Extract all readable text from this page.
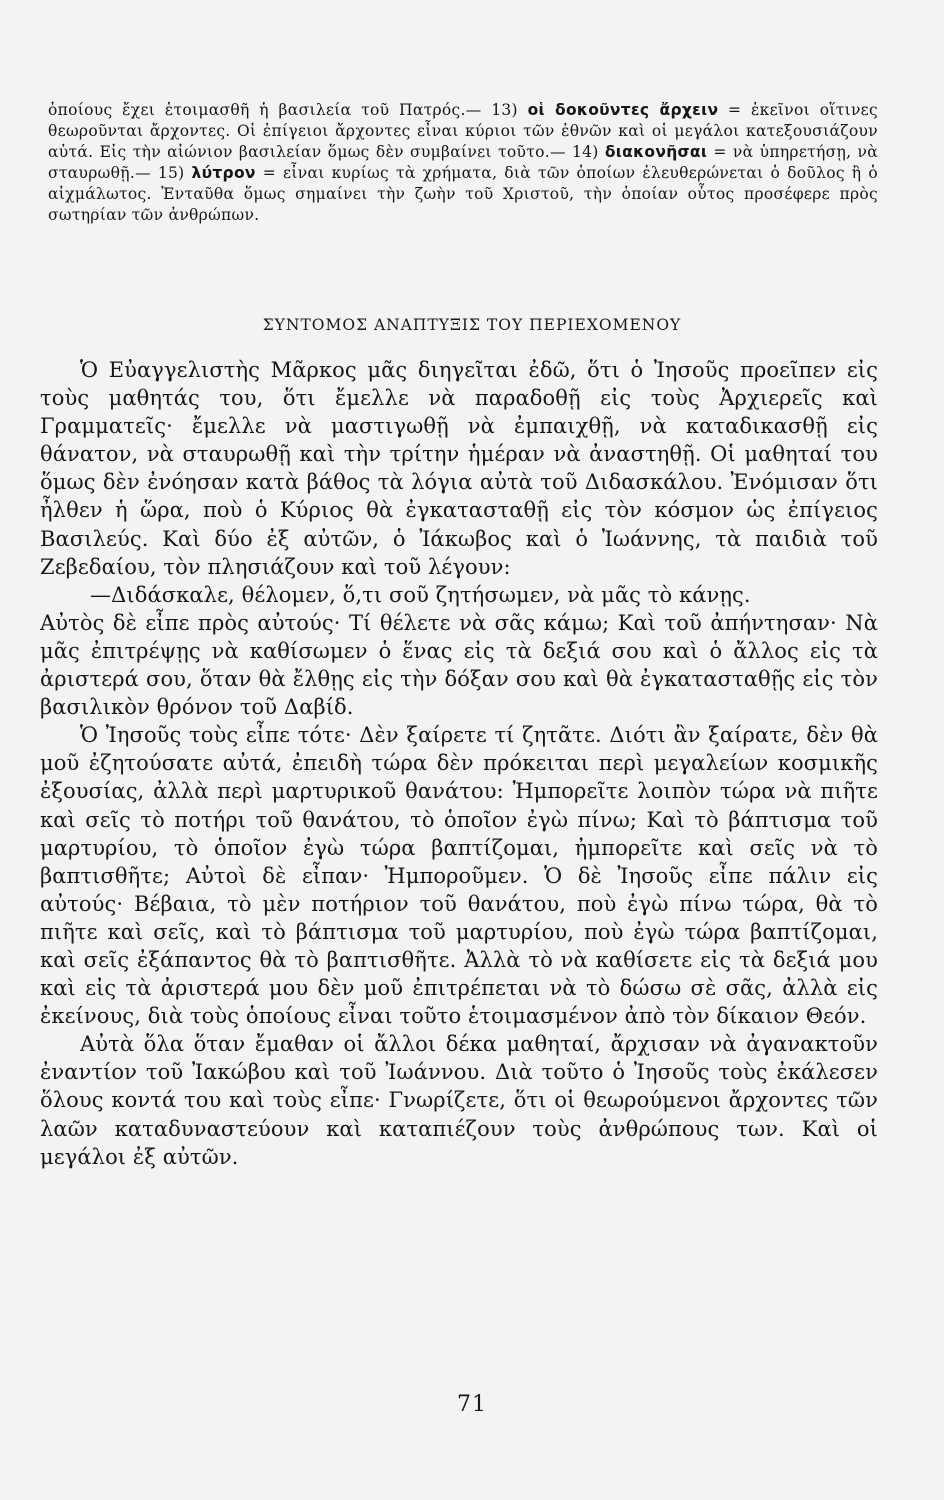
ὁποίους ἔχει ἑτοιμασθῆ ἡ βασιλεία τοῦ Πατρός.— 13) οἱ δοκοῦντες ἄρχειν = ἐκεῖνοι οἵτινες θεωροῦνται ἄρχοντες. Οἱ ἐπίγειοι ἄρχοντες εἶναι κύριοι τῶν ἐθνῶν καὶ οἱ μεγάλοι κατεξουσιάζουν αὐτά. Εἰς τὴν αἰώνιον βασιλείαν ὅμως δὲν συμβαίνει τοῦτο.— 14) διακονῆσαι = νὰ ὑπηρετήσῃ, νὰ σταυρωθῇ.— 15) λύτρον = εἶναι κυρίως τὰ χρήματα, διὰ τῶν ὁποίων ἐλευθερώνεται ὁ δοῦλος ἢ ὁ αἰχμάλωτος. Ἐνταῦθα ὅμως σημαίνει τὴν ζωὴν τοῦ Χριστοῦ, τὴν ὁποίαν οὗτος προσέφερε πρὸς σωτηρίαν τῶν ἀνθρώπων.

ΣΥΝΤΟΜΟΣ ΑΝΑΠΤΥΞΙΣ ΤΟΥ ΠΕΡΙΕΧΟΜΕΝΟΥ

Ὁ Εὐαγγελιστὴς Μᾶρκος μᾶς διηγεῖται ἐδῶ, ὅτι ὁ Ἰησοῦς προεῖπεν εἰς τοὺς μαθητάς του, ὅτι ἔμελλε νὰ παραδοθῇ εἰς τοὺς Ἀρχιερεῖς καὶ Γραμματεῖς· ἔμελλε νὰ μαστιγωθῇ νὰ ἐμπαιχθῇ, νὰ καταδικασθῇ εἰς θάνατον, νὰ σταυρωθῇ καὶ τὴν τρίτην ἡμέραν νὰ ἀναστηθῇ. Οἱ μαθηταί του ὅμως δὲν ἐνόησαν κατὰ βάθος τὰ λόγια αὐτὰ τοῦ Διδασκάλου. Ἐνόμισαν ὅτι ἦλθεν ἡ ὥρα, ποὺ ὁ Κύριος θὰ ἐγκατασταθῇ εἰς τὸν κόσμον ὡς ἐπίγειος Βασιλεύς. Καὶ δύο ἐξ αὐτῶν, ὁ Ἰάκωβος καὶ ὁ Ἰωάννης, τὰ παιδιὰ τοῦ Ζεβεδαίου, τὸν πλησιάζουν καὶ τοῦ λέγουν:

—Διδάσκαλε, θέλομεν, ὅ,τι σοῦ ζητήσωμεν, νὰ μᾶς τὸ κάνῃς.

Αὐτὸς δὲ εἶπε πρὸς αὐτούς· Τί θέλετε νὰ σᾶς κάμω; Καὶ τοῦ ἀπήντησαν· Νὰ μᾶς ἐπιτρέψῃς νὰ καθίσωμεν ὁ ἕνας εἰς τὰ δεξιά σου καὶ ὁ ἄλλος εἰς τὰ ἀριστερά σου, ὅταν θὰ ἔλθῃς εἰς τὴν δόξαν σου καὶ θὰ ἐγκατασταθῇς εἰς τὸν βασιλικὸν θρόνον τοῦ Δαβίδ.

Ὁ Ἰησοῦς τοὺς εἶπε τότε· Δὲν ξαίρετε τί ζητᾶτε. Διότι ἂν ξαίρατε, δὲν θὰ μοῦ ἐζητούσατε αὐτά, ἐπειδὴ τώρα δὲν πρόκειται περὶ μεγαλείων κοσμικῆς ἐξουσίας, ἀλλὰ περὶ μαρτυρικοῦ θανάτου: Ἠμπορεῖτε λοιπὸν τώρα νὰ πιῆτε καὶ σεῖς τὸ ποτήρι τοῦ θανάτου, τὸ ὁποῖον ἐγὼ πίνω; Καὶ τὸ βάπτισμα τοῦ μαρτυρίου, τὸ ὁποῖον ἐγὼ τώρα βαπτίζομαι, ἠμπορεῖτε καὶ σεῖς νὰ τὸ βαπτισθῆτε; Αὐτοὶ δὲ εἶπαν· Ἠμποροῦμεν. Ὁ δὲ Ἰησοῦς εἶπε πάλιν εἰς αὐτούς· Βέβαια, τὸ μὲν ποτήριον τοῦ θανάτου, ποὺ ἐγὼ πίνω τώρα, θὰ τὸ πιῆτε καὶ σεῖς, καὶ τὸ βάπτισμα τοῦ μαρτυρίου, ποὺ ἐγὼ τώρα βαπτίζομαι, καὶ σεῖς ἐξάπαντος θὰ τὸ βαπτισθῆτε. Ἀλλὰ τὸ νὰ καθίσετε εἰς τὰ δεξιά μου καὶ εἰς τὰ ἀριστερά μου δὲν μοῦ ἐπιτρέπεται νὰ τὸ δώσω σὲ σᾶς, ἀλλὰ εἰς ἐκείνους, διὰ τοὺς ὁποίους εἶναι τοῦτο ἑτοιμασμένον ἀπὸ τὸν δίκαιον Θεόν.

Αὐτὰ ὅλα ὅταν ἔμαθαν οἱ ἄλλοι δέκα μαθηταί, ἄρχισαν νὰ ἀγανακτοῦν ἐναντίον τοῦ Ἰακώβου καὶ τοῦ Ἰωάννου. Διὰ τοῦτο ὁ Ἰησοῦς τοὺς ἐκάλεσεν ὅλους κοντά του καὶ τοὺς εἶπε· Γνωρίζετε, ὅτι οἱ θεωρούμενοι ἄρχοντες τῶν λαῶν καταδυναστεύουν καὶ καταπιέζουν τοὺς ἀνθρώπους των. Καὶ οἱ μεγάλοι ἐξ αὐτῶν.

71
